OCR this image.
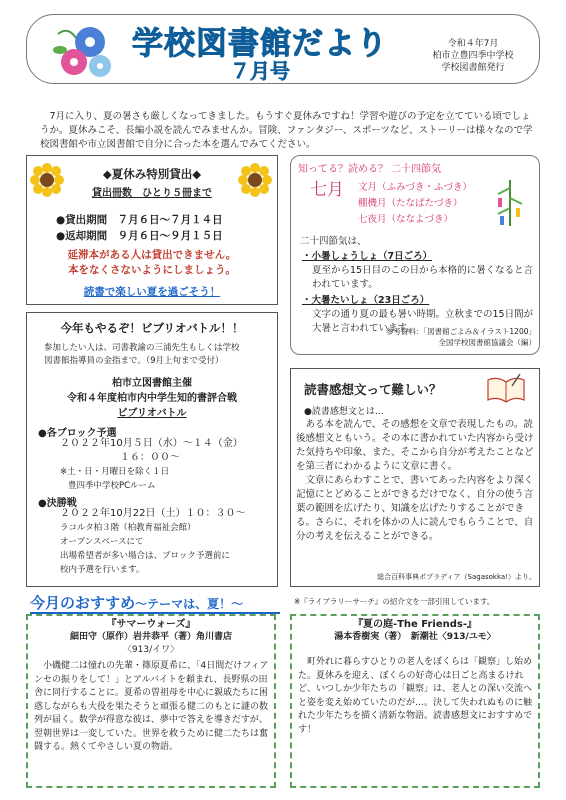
学校図書館だより
７月号
令和４年7月
柏市立豊四季中学校
学校図書館発行

7月に入り、夏の暑さも厳しくなってきました。もうすぐ夏休みですね！学習や遊びの予定を立てている頃でしょうか。夏休みこそ、長編小説を読んでみませんか。冒険、ファンタジー、スポーツなど、ストーリーは様々なので学校図書館や市立図書館で自分に合った本を選んでみてください。

◆夏休み特別貸出◆
貸出冊数　ひとり５冊まで
●貸出期間　７月６日～７月１４日
●返却期間　９月６日～９月１５日
延滞本がある人は貸出できません。
本をなくさないようにしましょう。
読書で楽しい夏を過ごそう！
知ってる？読める？ 二十四節気
七月 文月（ふみづき・ふづき）
棚機月（たなばたづき）
七夜月（ななよづき）
二十四節気は、
・小暑しょうしょ（7日ごろ）
夏至から15日目のこの日から本格的に暑くなると言われています。
・大暑たいしょ（23日ごろ）
文字の通り夏の最も暑い時期。立秋までの15日間が大暑と言われています。
参考資料：「図書館ごよみ＆イラスト1200」
全国学校図書館協議会（編）
今年もやるぞ！ビブリオバトル！！
参加したい人は、司書教諭の三浦先生もしくは学校
図書館指導員の金指まで。（9月上旬まで受付）
柏市立図書館主催
令和４年度柏市内中学生知的書評合戦
ビブリオバトル
●各ブロック予選
２０２２年10月５日（水）～１４（金）
１６：００～
※土・日・月曜日を除く１日
豊四季中学校PCルーム
●決勝戦
２０２２年10月22日（土）１０：３０～
ラコルタ柏３階（柏教育福祉会館）
オープンスペースにて
出場希望者が多い場合は、ブロック予選前に
校内予選を行います。
読書感想文って難しい？
●読書感想文とは…

ある本を読んで、その感想を文章で表現したもの。読後感想文ともいう。その本に書かれていた内容から受けた気持ちや印象、また、そこから自分が考えたことなどを第三者にわかるように文章に書く。

文章にあらわすことで、書いてあった内容をより深く記憶にとどめることができるだけでなく、自分の使う言葉の範囲を広げたり、知識を広げたりすることができる。さらに、それを体かの人に読んでもらうことで、自分の考えを伝えることができる。

総合百科事典ポプラディア（Sagasokka!）より。
今月のおすすめ～テーマは、夏！～	※『ライブラリーサーチ』の紹介文を一部引用しています。
『サマーウォーズ』
細田守（原作）岩井恭平（著）角川書店
〈913/イワ〉
小磯健二は憧れの先輩・篠原夏希に、「4日間だけフィアンセの振りをして！」とアルバイトを頼まれ、長野県の田舎に同行することに。夏希の曽祖母を中心に親戚たちに困惑しながらも大役を果たそうと頑張る健二のもとに謎の数列が届く。数学が得意な彼は、夢中で答えを導きだすが、翌朝世界は一変していた。世界を救うために健二たちは奮闘する。熱くてやさしい夏の物語。
『夏の庭-The Friends-』
湯本香樹実（著）　新潮社〈913/ユモ〉
町外れに暮らすひとりの老人をぼくらは「観察」し始めた。夏休みを迎え、ぼくらの好奇心は日ごと高まるけれど、いつしか少年たちの「観察」は、老人との深い交流へと姿を変え始めていたのだが…。決して失われぬものに触れた少年たちを描く清新な物語。読書感想文におすすめです！
